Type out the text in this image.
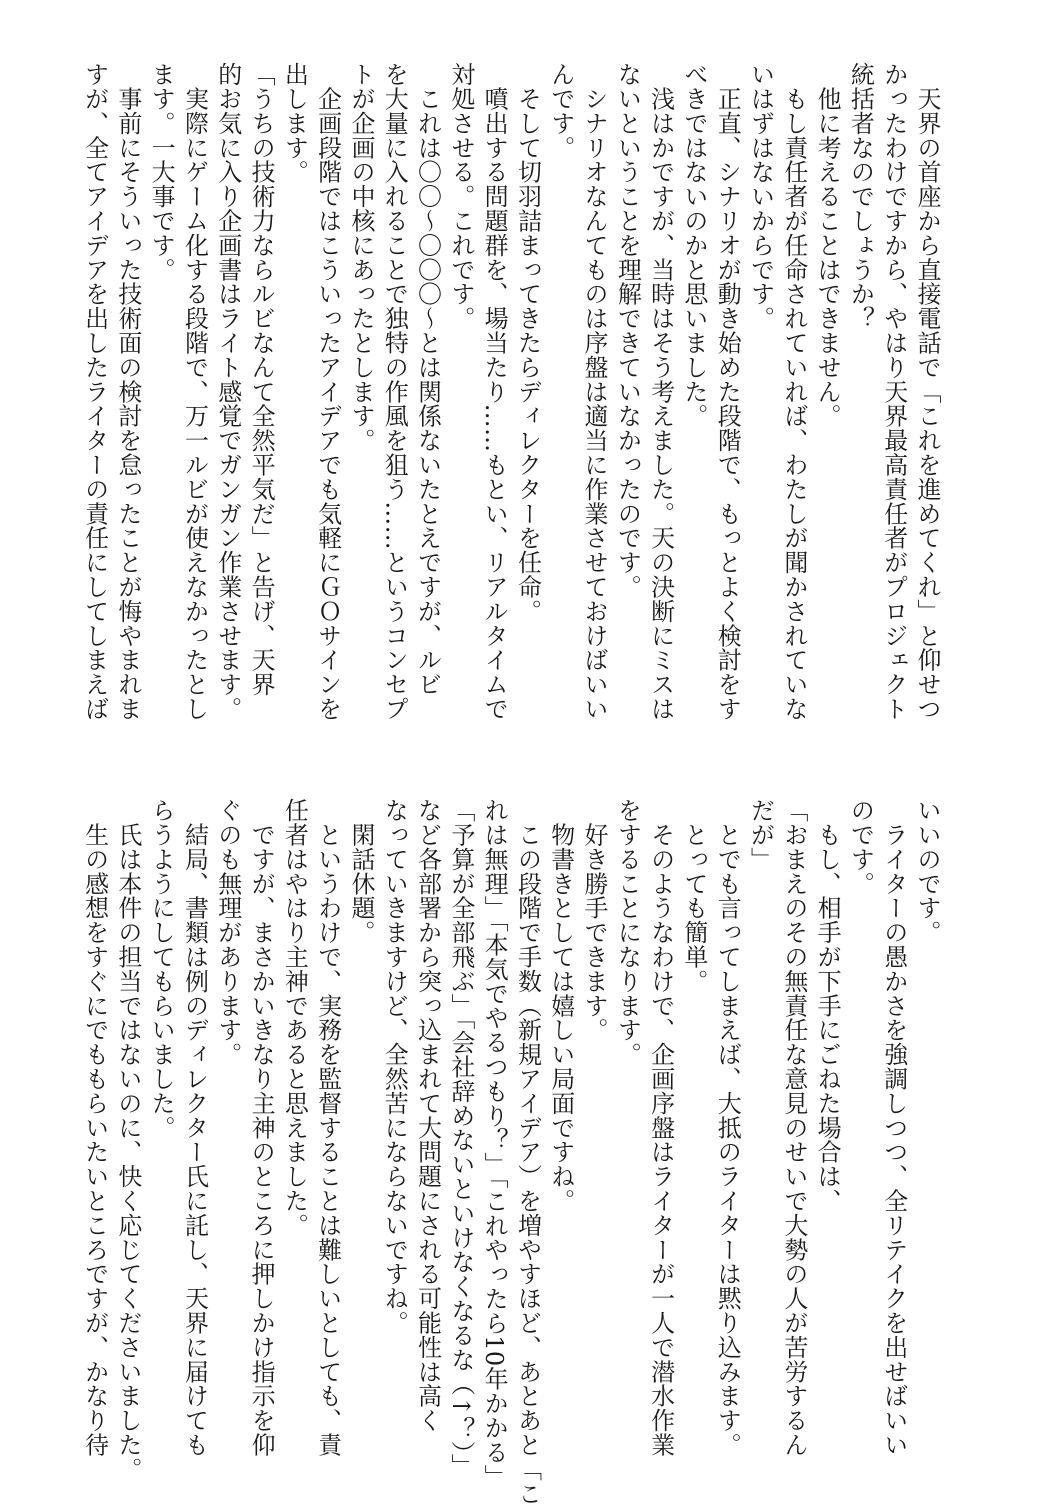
　天界の首座から直接電話で「これを進めてくれ」と仰せつ
かったわけですから、やはり天界最高責任者がプロジェクト
統括者なのでしょうか？
　他に考えることはできません。
　もし責任者が任命されていれば、わたしが聞かされていな
いはずはないからです。
　正直、シナリオが動き始めた段階で、もっとよく検討をす
べきではないのかと思いました。
　浅はかですが、当時はそう考えました。天の決断にミスは
ないということを理解できていなかったのです。
　シナリオなんてものは序盤は適当に作業させておけばいい
んです。
　そして切羽詰まってきたらディレクターを任命。
　噴出する問題群を、場当たり……もとい、リアルタイムで
対処させる。これです。
　これは〇〇～〇〇〇～とは関係ないたとえですが、ルビ
を大量に入れることで独特の作風を狙う……というコンセプ
トが企画の中核にあったとします。
　企画段階ではこういったアイデアでも気軽にＧＯサインを
出します。
「うちの技術力ならルビなんて全然平気だ」と告げ、天界
的お気に入り企画書はライト感覚でガンガン作業させます。
　実際にゲーム化する段階で、万一ルビが使えなかったとし
ます。一大事です。
　事前にそういった技術面の検討を怠ったことが悔やまれま
すが、全てアイデアを出したライターの責任にしてしまえば
いいのです。
　ライターの愚かさを強調しつつ、全リテイクを出せばいい
のです。
　もし、相手が下手にごねた場合は、
「おまえのその無責任な意見のせいで大勢の人が苦労するん
だが」
　とでも言ってしまえば、大抵のライターは黙り込みます。
　とっても簡単。
　そのようなわけで、企画序盤はライターが一人で潜水作業
をすることになります。
　好き勝手できます。
　物書きとしては嬉しい局面ですね。
　この段階で手数（新規アイデア）を増やすほど、あとあと「こ
れは無理」「本気でやるつもり？」「これやったら10年かかる」
「予算が全部飛ぶ」「会社辞めないといけなくなるな（↑？）」
など各部署から突っ込まれて大問題にされる可能性は高く
なっていきますけど、全然苦にならないですね。
　閑話休題。
　というわけで、実務を監督することは難しいとしても、責
任者はやはり主神であると思えました。
　ですが、まさかいきなり主神のところに押しかけ指示を仰
ぐのも無理があります。
　結局、書類は例のディレクター氏に託し、天界に届けても
らうようにしてもらいました。
　氏は本件の担当ではないのに、快く応じてくださいました。
　生の感想をすぐにでももらいたいところですが、かなり待
